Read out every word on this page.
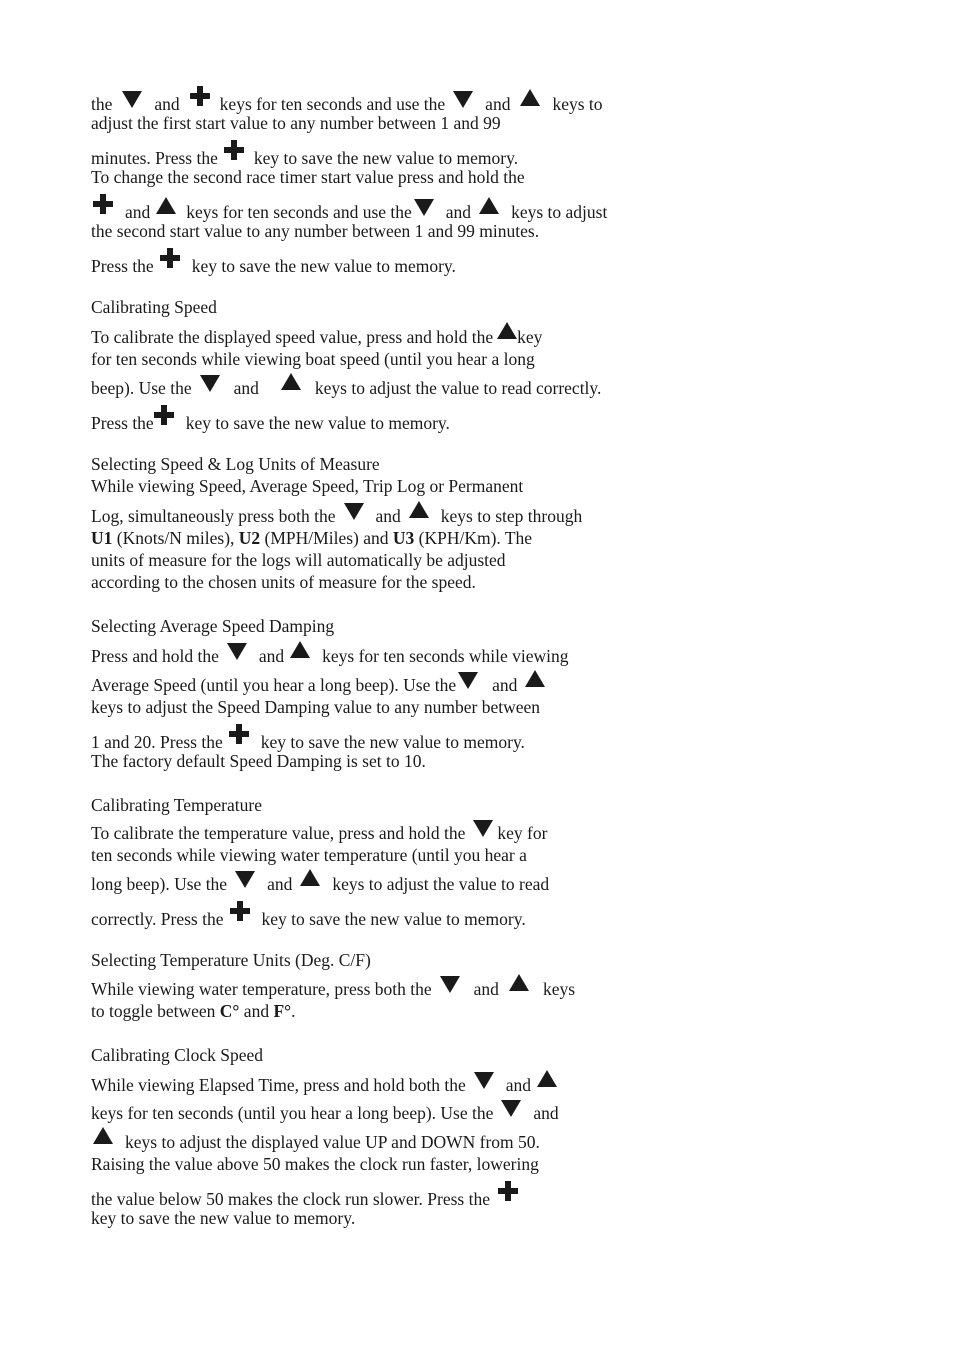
the and keys for ten seconds and use the and keys to
adjust the first start value to any number between 1 and 99
minutes. Press the key to save the new value to memory.
To change the second race timer start value press and hold the
and keys for ten seconds and use the and keys to adjust
the second start value to any number between 1 and 99 minutes.
Press the key to save the new value to memory.
Calibrating Speed
To calibrate the displayed speed value, press and hold the key
for ten seconds while viewing boat speed (until you hear a long
beep). Use the and	keys to adjust the value to read correctly.
Press the key to save the new value to memory.
Selecting Speed & Log Units of Measure
While viewing Speed, Average Speed, Trip Log or Permanent
Log, simultaneously press both the and keys to step through
U1 (Knots/N miles), U2 (MPH/Miles) and U3 (KPH/Km). The
units of measure for the logs will automatically be adjusted
according to the chosen units of measure for the speed.
Selecting Average Speed Damping
Press and hold the and keys for ten seconds while viewing
Average Speed (until you hear a long beep). Use the and
keys to adjust the Speed Damping value to any number between
1 and 20. Press the key to save the new value to memory.
The factory default Speed Damping is set to 10.
Calibrating Temperature
To calibrate the temperature value, press and hold the key for
ten seconds while viewing water temperature (until you hear a
long beep). Use the and keys to adjust the value to read
correctly. Press the key to save the new value to memory.
Selecting Temperature Units (Deg. C/F)
While viewing water temperature, press both the and	keys
to toggle between C° and F°.
Calibrating Clock Speed
While viewing Elapsed Time, press and hold both the and
keys for ten seconds (until you hear a long beep). Use the and
keys to adjust the displayed value UP and DOWN from 50.
Raising the value above 50 makes the clock run faster, lowering
the value below 50 makes the clock run slower. Press the
key to save the new value to memory.
